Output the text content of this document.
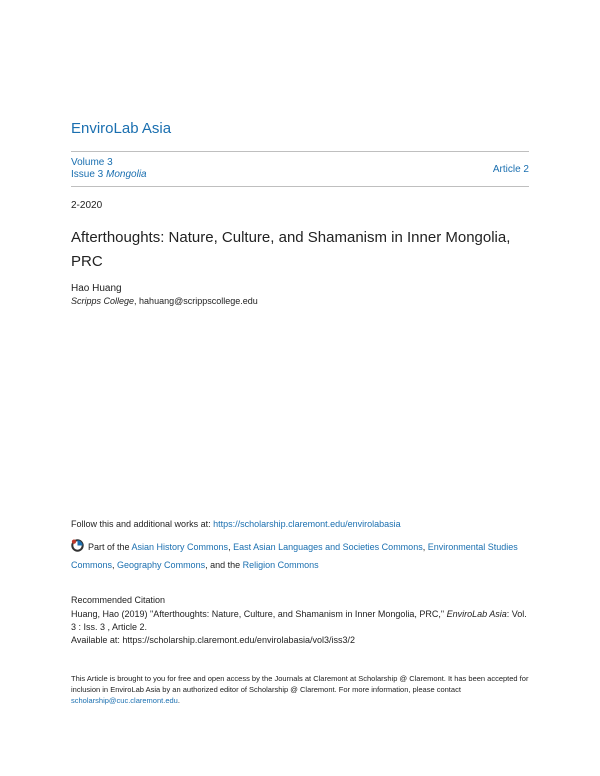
EnviroLab Asia
Volume 3
Issue 3 Mongolia	Article 2
2-2020
Afterthoughts: Nature, Culture, and Shamanism in Inner Mongolia, PRC
Hao Huang
Scripps College, hahuang@scrippscollege.edu
Follow this and additional works at: https://scholarship.claremont.edu/envirolabasia
Part of the Asian History Commons, East Asian Languages and Societies Commons, Environmental Studies Commons, Geography Commons, and the Religion Commons
Recommended Citation
Huang, Hao (2019) "Afterthoughts: Nature, Culture, and Shamanism in Inner Mongolia, PRC," EnviroLab Asia: Vol. 3 : Iss. 3 , Article 2.
Available at: https://scholarship.claremont.edu/envirolabasia/vol3/iss3/2
This Article is brought to you for free and open access by the Journals at Claremont at Scholarship @ Claremont. It has been accepted for inclusion in EnviroLab Asia by an authorized editor of Scholarship @ Claremont. For more information, please contact scholarship@cuc.claremont.edu.
